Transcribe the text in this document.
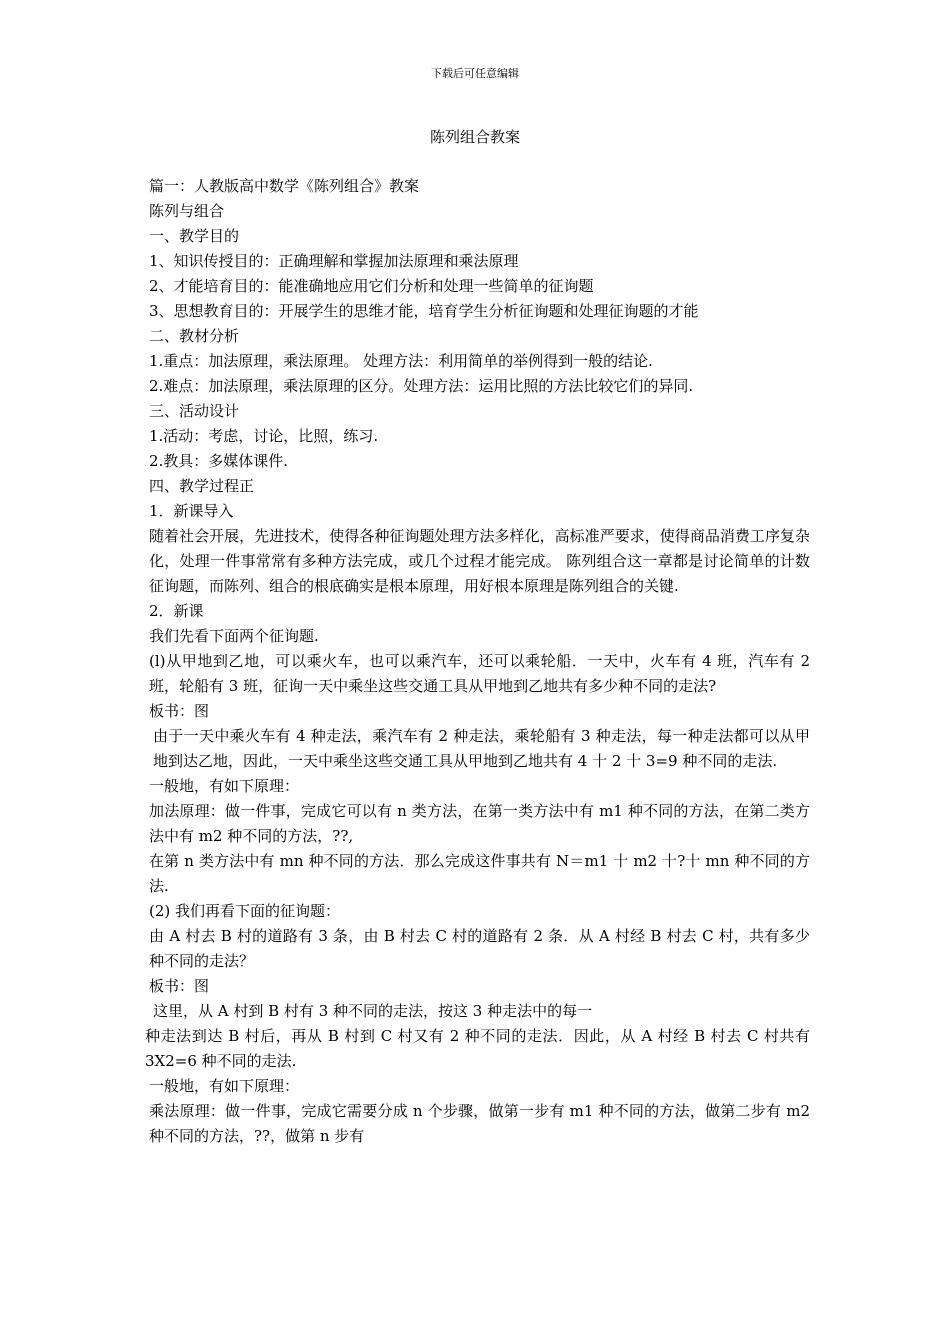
下载后可任意编辑
陈列组合教案

篇一：人教版高中数学《陈列组合》教案

陈列与组合

一、教学目的

1、知识传授目的：正确理解和掌握加法原理和乘法原理

2、才能培育目的：能准确地应用它们分析和处理一些简单的征询题

3、思想教育目的：开展学生的思维才能，培育学生分析征询题和处理征询题的才能

二、教材分析

1.重点：加法原理，乘法原理。 处理方法：利用简单的举例得到一般的结论.

2.难点：加法原理，乘法原理的区分。处理方法：运用比照的方法比较它们的异同.

三、活动设计

1.活动：考虑，讨论，比照，练习.

2.教具：多媒体课件.

四、教学过程正

1．新课导入

随着社会开展，先进技术，使得各种征询题处理方法多样化，高标准严要求，使得商品消费工序复杂化，处理一件事常常有多种方法完成，或几个过程才能完成。 陈列组合这一章都是讨论简单的计数征询题，而陈列、组合的根底确实是根本原理，用好根本原理是陈列组合的关键.

2．新课

我们先看下面两个征询题.

(l)从甲地到乙地，可以乘火车，也可以乘汽车，还可以乘轮船．一天中，火车有 4 班，汽车有 2 班，轮船有 3 班，征询一天中乘坐这些交通工具从甲地到乙地共有多少种不同的走法?

板书：图

由于一天中乘火车有 4 种走法，乘汽车有 2 种走法，乘轮船有 3 种走法，每一种走法都可以从甲地到达乙地，因此，一天中乘坐这些交通工具从甲地到乙地共有 4 十 2 十 3=9 种不同的走法.

一般地，有如下原理：

加法原理：做一件事，完成它可以有 n 类方法，在第一类方法中有 m1 种不同的方法，在第二类方法中有 m2 种不同的方法，??,

在第 n 类方法中有 mn 种不同的方法．那么完成这件事共有 N＝m1 十 m2 十?十 mn 种不同的方法.

(2) 我们再看下面的征询题：

由 A 村去 B 村的道路有 3 条，由 B 村去 C 村的道路有 2 条．从 A 村经 B 村去 C 村，共有多少种不同的走法？

板书：图

这里，从 A 村到 B 村有 3 种不同的走法，按这 3 种走法中的每一

种走法到达 B 村后，再从 B 村到 C 村又有 2 种不同的走法．因此，从 A 村经 B 村去 C 村共有 3X2=6 种不同的走法.

一般地，有如下原理：

乘法原理：做一件事，完成它需要分成 n 个步骤，做第一步有 m1 种不同的方法，做第二步有 m2 种不同的方法，??，做第 n 步有
